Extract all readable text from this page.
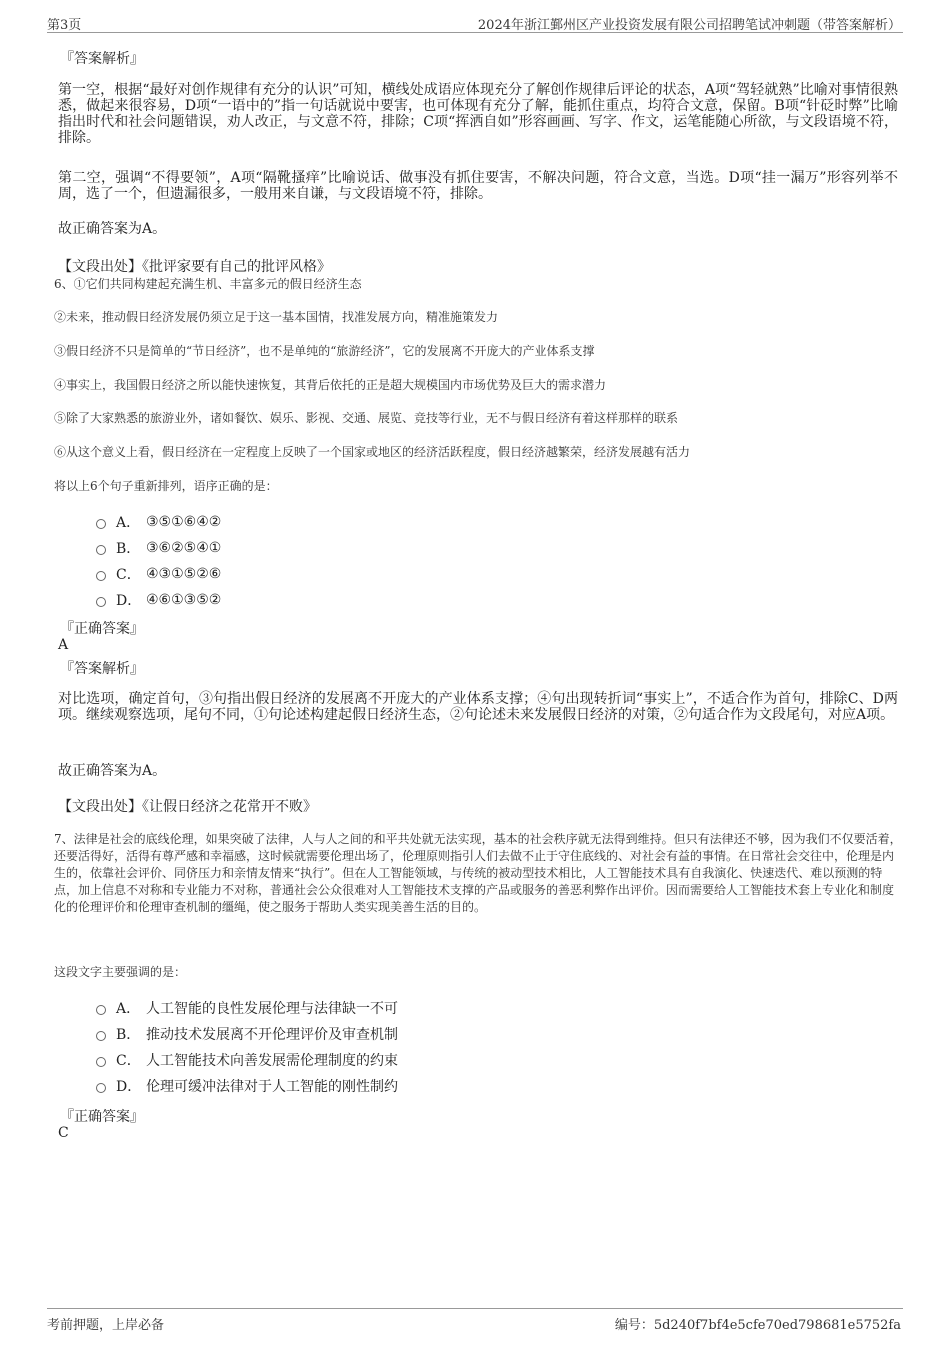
第3页	2024年浙江鄞州区产业投资发展有限公司招聘笔试冲刺题（带答案解析）
『答案解析』
第一空，根据“最好对创作规律有充分的认识”可知，横线处成语应体现充分了解创作规律后评论的状态，A项“驾轻就熟”比喻对事情很熟悉，做起来很容易，D项“一语中的”指一句话就说中要害，也可体现有充分了解，能抓住重点，均符合文意，保留。B项“针砭时弊”比喻指出时代和社会问题错误，劝人改正，与文意不符，排除；C项“挥洒自如”形容画画、写字、作文，运笔能随心所欲，与文段语境不符，排除。
第二空，强调“不得要领”，A项“隔靴搔痒”比喻说话、做事没有抓住要害，不解决问题，符合文意，当选。D项“挂一漏万”形容列举不周，选了一个，但遗漏很多，一般用来自谦，与文段语境不符，排除。
故正确答案为A。
【文段出处】《批评家要有自己的批评风格》
6、①它们共同构建起充满生机、丰富多元的假日经济生态
②未来，推动假日经济发展仍须立足于这一基本国情，找准发展方向，精准施策发力
③假日经济不只是简单的“节日经济”，也不是单纯的“旅游经济”，它的发展离不开庞大的产业体系支撑
④事实上，我国假日经济之所以能快速恢复，其背后依托的正是超大规模国内市场优势及巨大的需求潜力
⑤除了大家熟悉的旅游业外，诸如餐饮、娱乐、影视、交通、展览、竞技等行业，无不与假日经济有着这样那样的联系
⑥从这个意义上看，假日经济在一定程度上反映了一个国家或地区的经济活跃程度，假日经济越繁荣，经济发展越有活力
将以上6个句子重新排列，语序正确的是：
A． ③⑤①⑥④②
B． ③⑥②⑤④①
C． ④③①⑤②⑥
D． ④⑥①③⑤②
『正确答案』
A
『答案解析』
对比选项，确定首句，③句指出假日经济的发展离不开庞大的产业体系支撑；④句出现转折词“事实上”，不适合作为首句，排除C、D两项。继续观察选项，尾句不同，①句论述构建起假日经济生态，②句论述未来发展假日经济的对策，②句适合作为文段尾句，对应A项。
故正确答案为A。
【文段出处】《让假日经济之花常开不败》
7、法律是社会的底线伦理，如果突破了法律，人与人之间的和平共处就无法实现，基本的社会秩序就无法得到维持。但只有法律还不够，因为我们不仅要活着，还要活得好，活得有尊严感和幸福感，这时候就需要伦理出场了，伦理原则指引人们去做不止于守住底线的、对社会有益的事情。在日常社会交往中，伦理是内生的，依靠社会评价、同侪压力和亲情友情来“执行”。但在人工智能领域，与传统的被动型技术相比，人工智能技术具有自我演化、快速迭代、难以预测的特点，加上信息不对称和专业能力不对称，普通社会公众很难对人工智能技术支撑的产品或服务的善恶利弊作出评价。因而需要给人工智能技术套上专业化和制度化的伦理评价和伦理审查机制的缰绳，使之服务于帮助人类实现美善生活的目的。
这段文字主要强调的是：
A． 人工智能的良性发展伦理与法律缺一不可
B． 推动技术发展离不开伦理评价及审查机制
C． 人工智能技术向善发展需伦理制度的约束
D． 伦理可缓冲法律对于人工智能的刚性制约
『正确答案』
C
考前押题，上岸必备	编号：5d240f7bf4e5cfe70ed798681e5752fa
